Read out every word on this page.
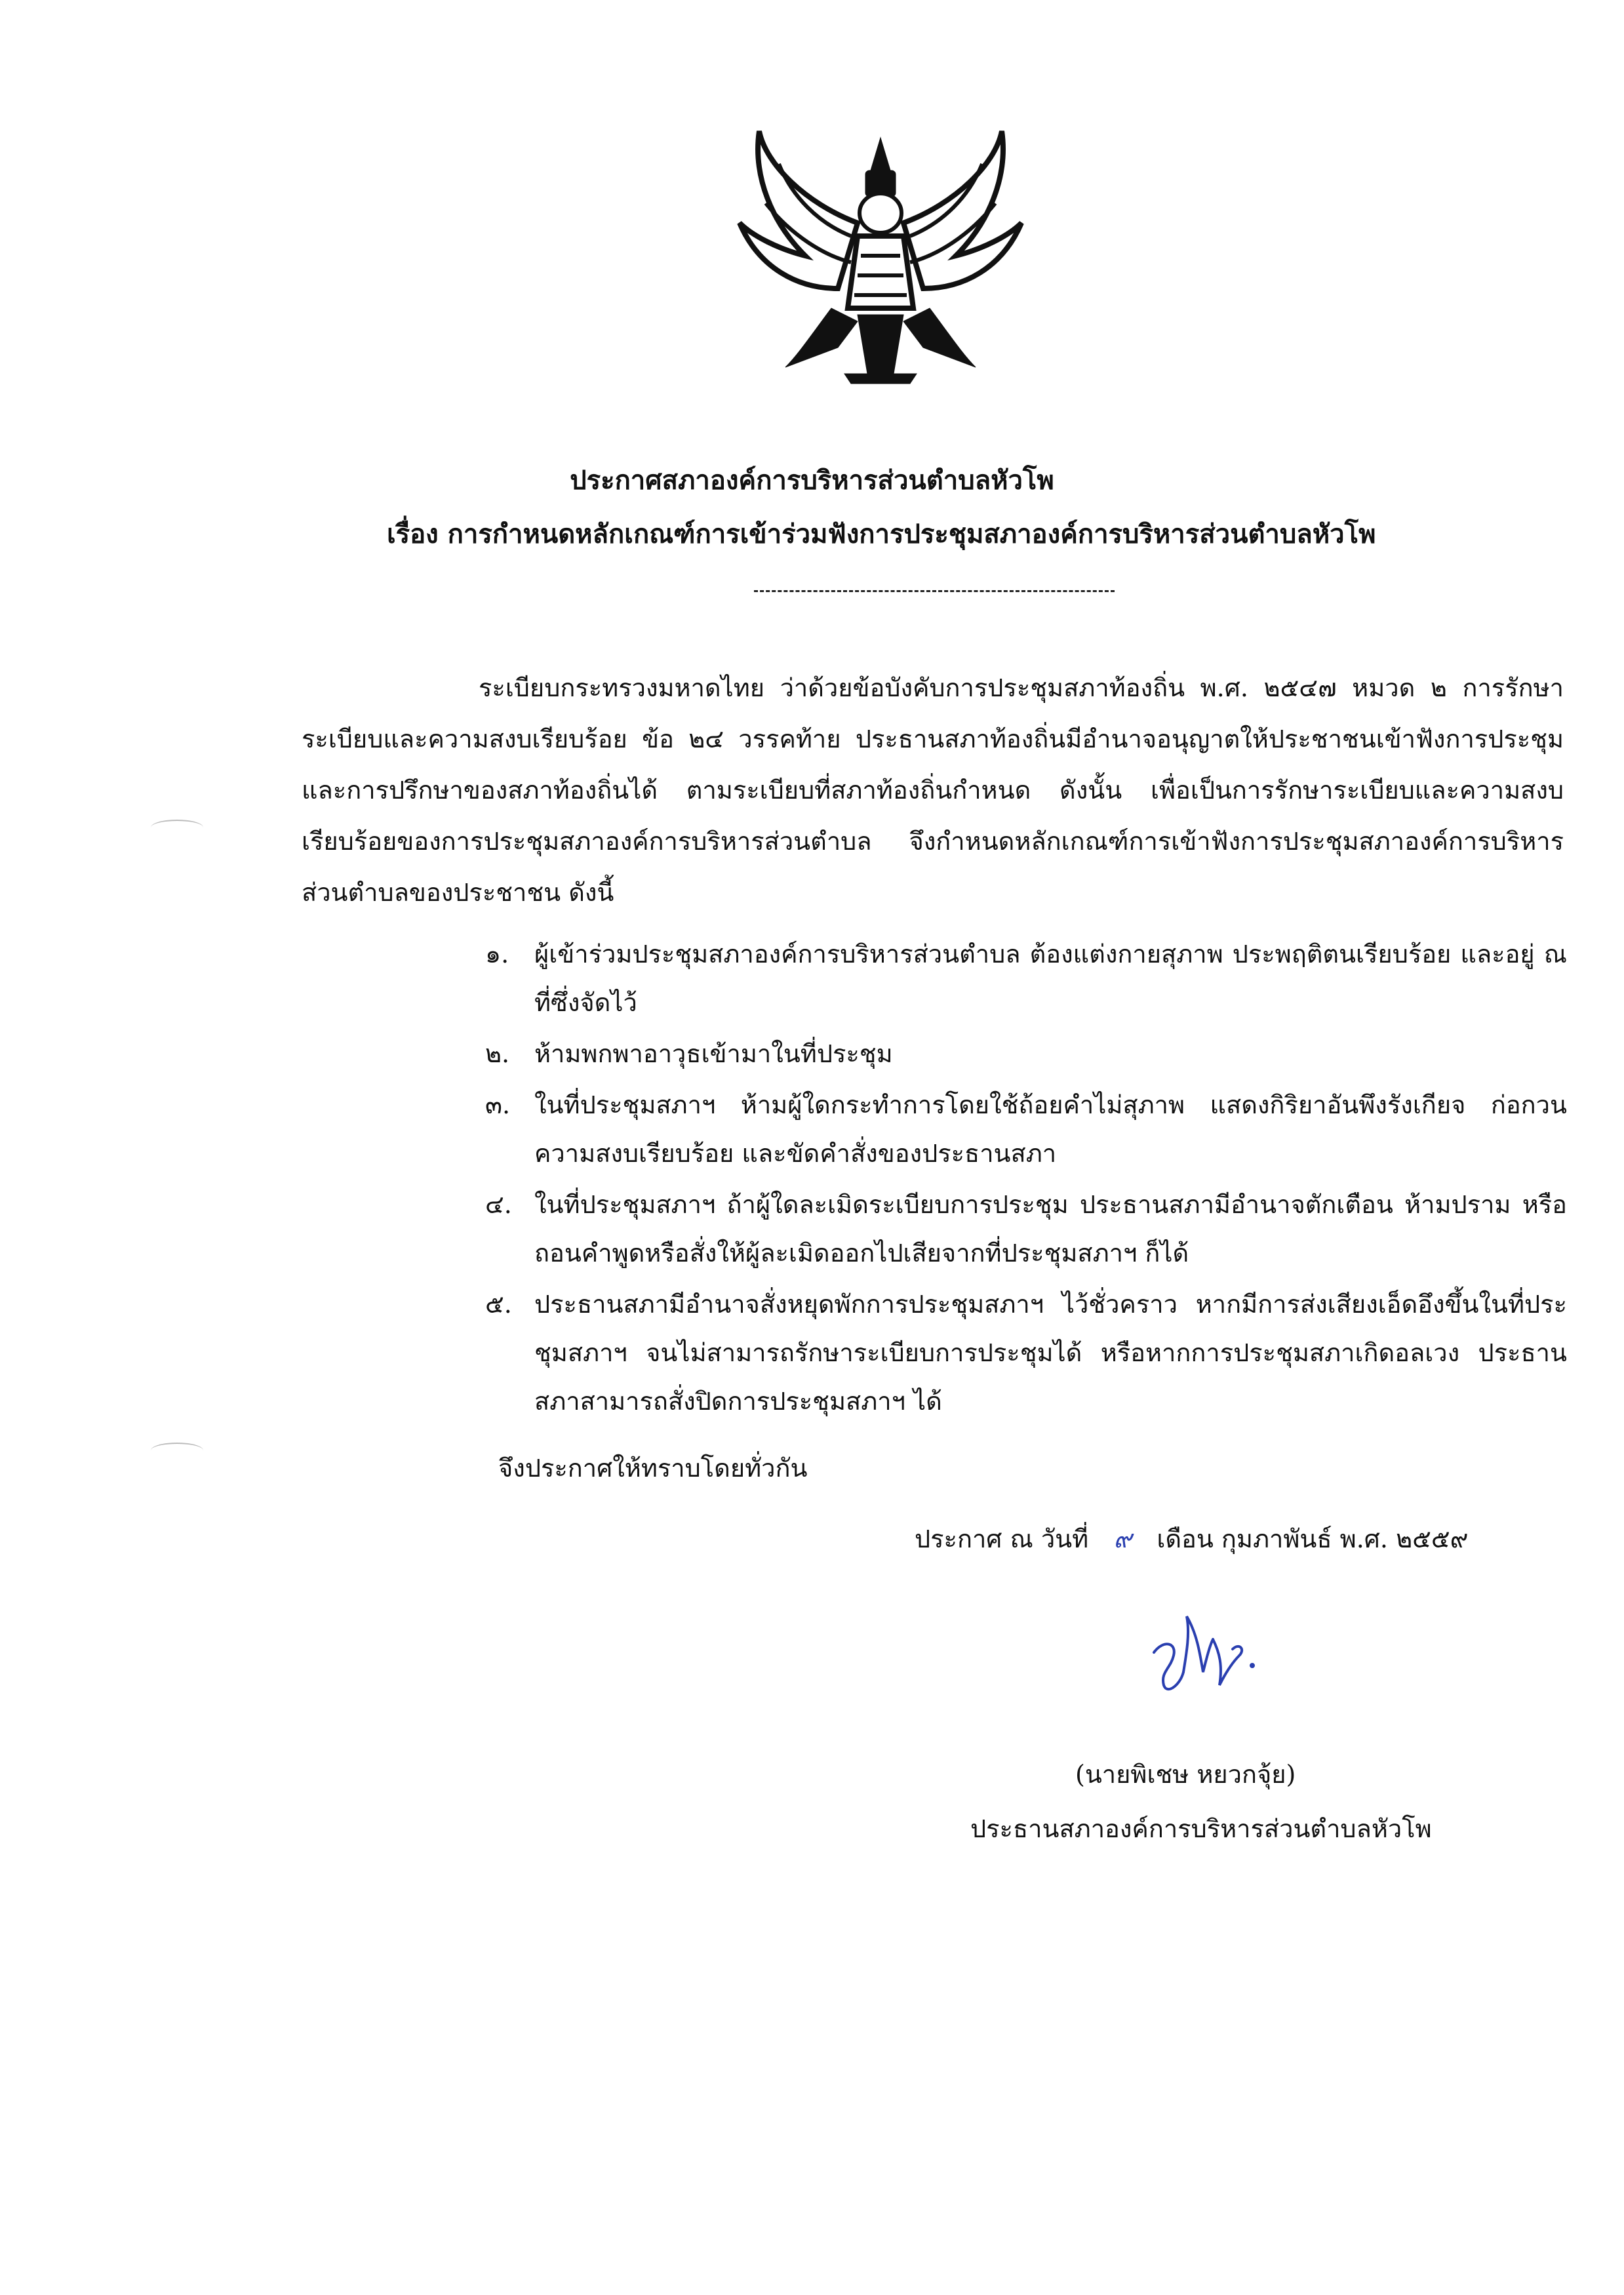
ประกาศสภาองค์การบริหารส่วนตำบลหัวโพ
เรื่อง การกำหนดหลักเกณฑ์การเข้าร่วมฟังการประชุมสภาองค์การบริหารส่วนตำบลหัวโพ
ระเบียบกระทรวงมหาดไทย ว่าด้วยข้อบังคับการประชุมสภาท้องถิ่น พ.ศ. ๒๕๔๗ หมวด ๒ การรักษาระเบียบและความสงบเรียบร้อย ข้อ ๒๔ วรรคท้าย ประธานสภาท้องถิ่นมีอำนาจอนุญาตให้ประชาชนเข้าฟังการประชุม และการปรึกษาของสภาท้องถิ่นได้ ตามระเบียบที่สภาท้องถิ่นกำหนด ดังนั้น เพื่อเป็นการรักษาระเบียบและความสงบเรียบร้อยของการประชุมสภาองค์การบริหารส่วนตำบล จึงกำหนดหลักเกณฑ์การเข้าฟังการประชุมสภาองค์การบริหารส่วนตำบลของประชาชน ดังนี้
๑.	ผู้เข้าร่วมประชุมสภาองค์การบริหารส่วนตำบล ต้องแต่งกายสุภาพ ประพฤติตนเรียบร้อย และอยู่ ณ ที่ซึ่งจัดไว้
๒. ห้ามพกพาอาวุธเข้ามาในที่ประชุม
๓. ในที่ประชุมสภาฯ ห้ามผู้ใดกระทำการโดยใช้ถ้อยคำไม่สุภาพ แสดงกิริยาอันพึงรังเกียจ ก่อกวนความสงบเรียบร้อย และขัดคำสั่งของประธานสภา
๔. ในที่ประชุมสภาฯ ถ้าผู้ใดละเมิดระเบียบการประชุม ประธานสภามีอำนาจตักเตือน ห้ามปราม หรือถอนคำพูดหรือสั่งให้ผู้ละเมิดออกไปเสียจากที่ประชุมสภาฯ ก็ได้
๕. ประธานสภามีอำนาจสั่งหยุดพักการประชุมสภาฯ ไว้ชั่วคราว หากมีการส่งเสียงเอ็ดอึงขึ้นในที่ประชุมสภาฯ จนไม่สามารถรักษาระเบียบการประชุมได้ หรือหากการประชุมสภาเกิดอลเวง ประธานสภาสามารถสั่งปิดการประชุมสภาฯ ได้
จึงประกาศให้ทราบโดยทั่วกัน
ประกาศ ณ วันที่ ๙ เดือน กุมภาพันธ์ พ.ศ. ๒๕๕๙
(นายพิเชษ หยวกจุ้ย)
ประธานสภาองค์การบริหารส่วนตำบลหัวโพ
